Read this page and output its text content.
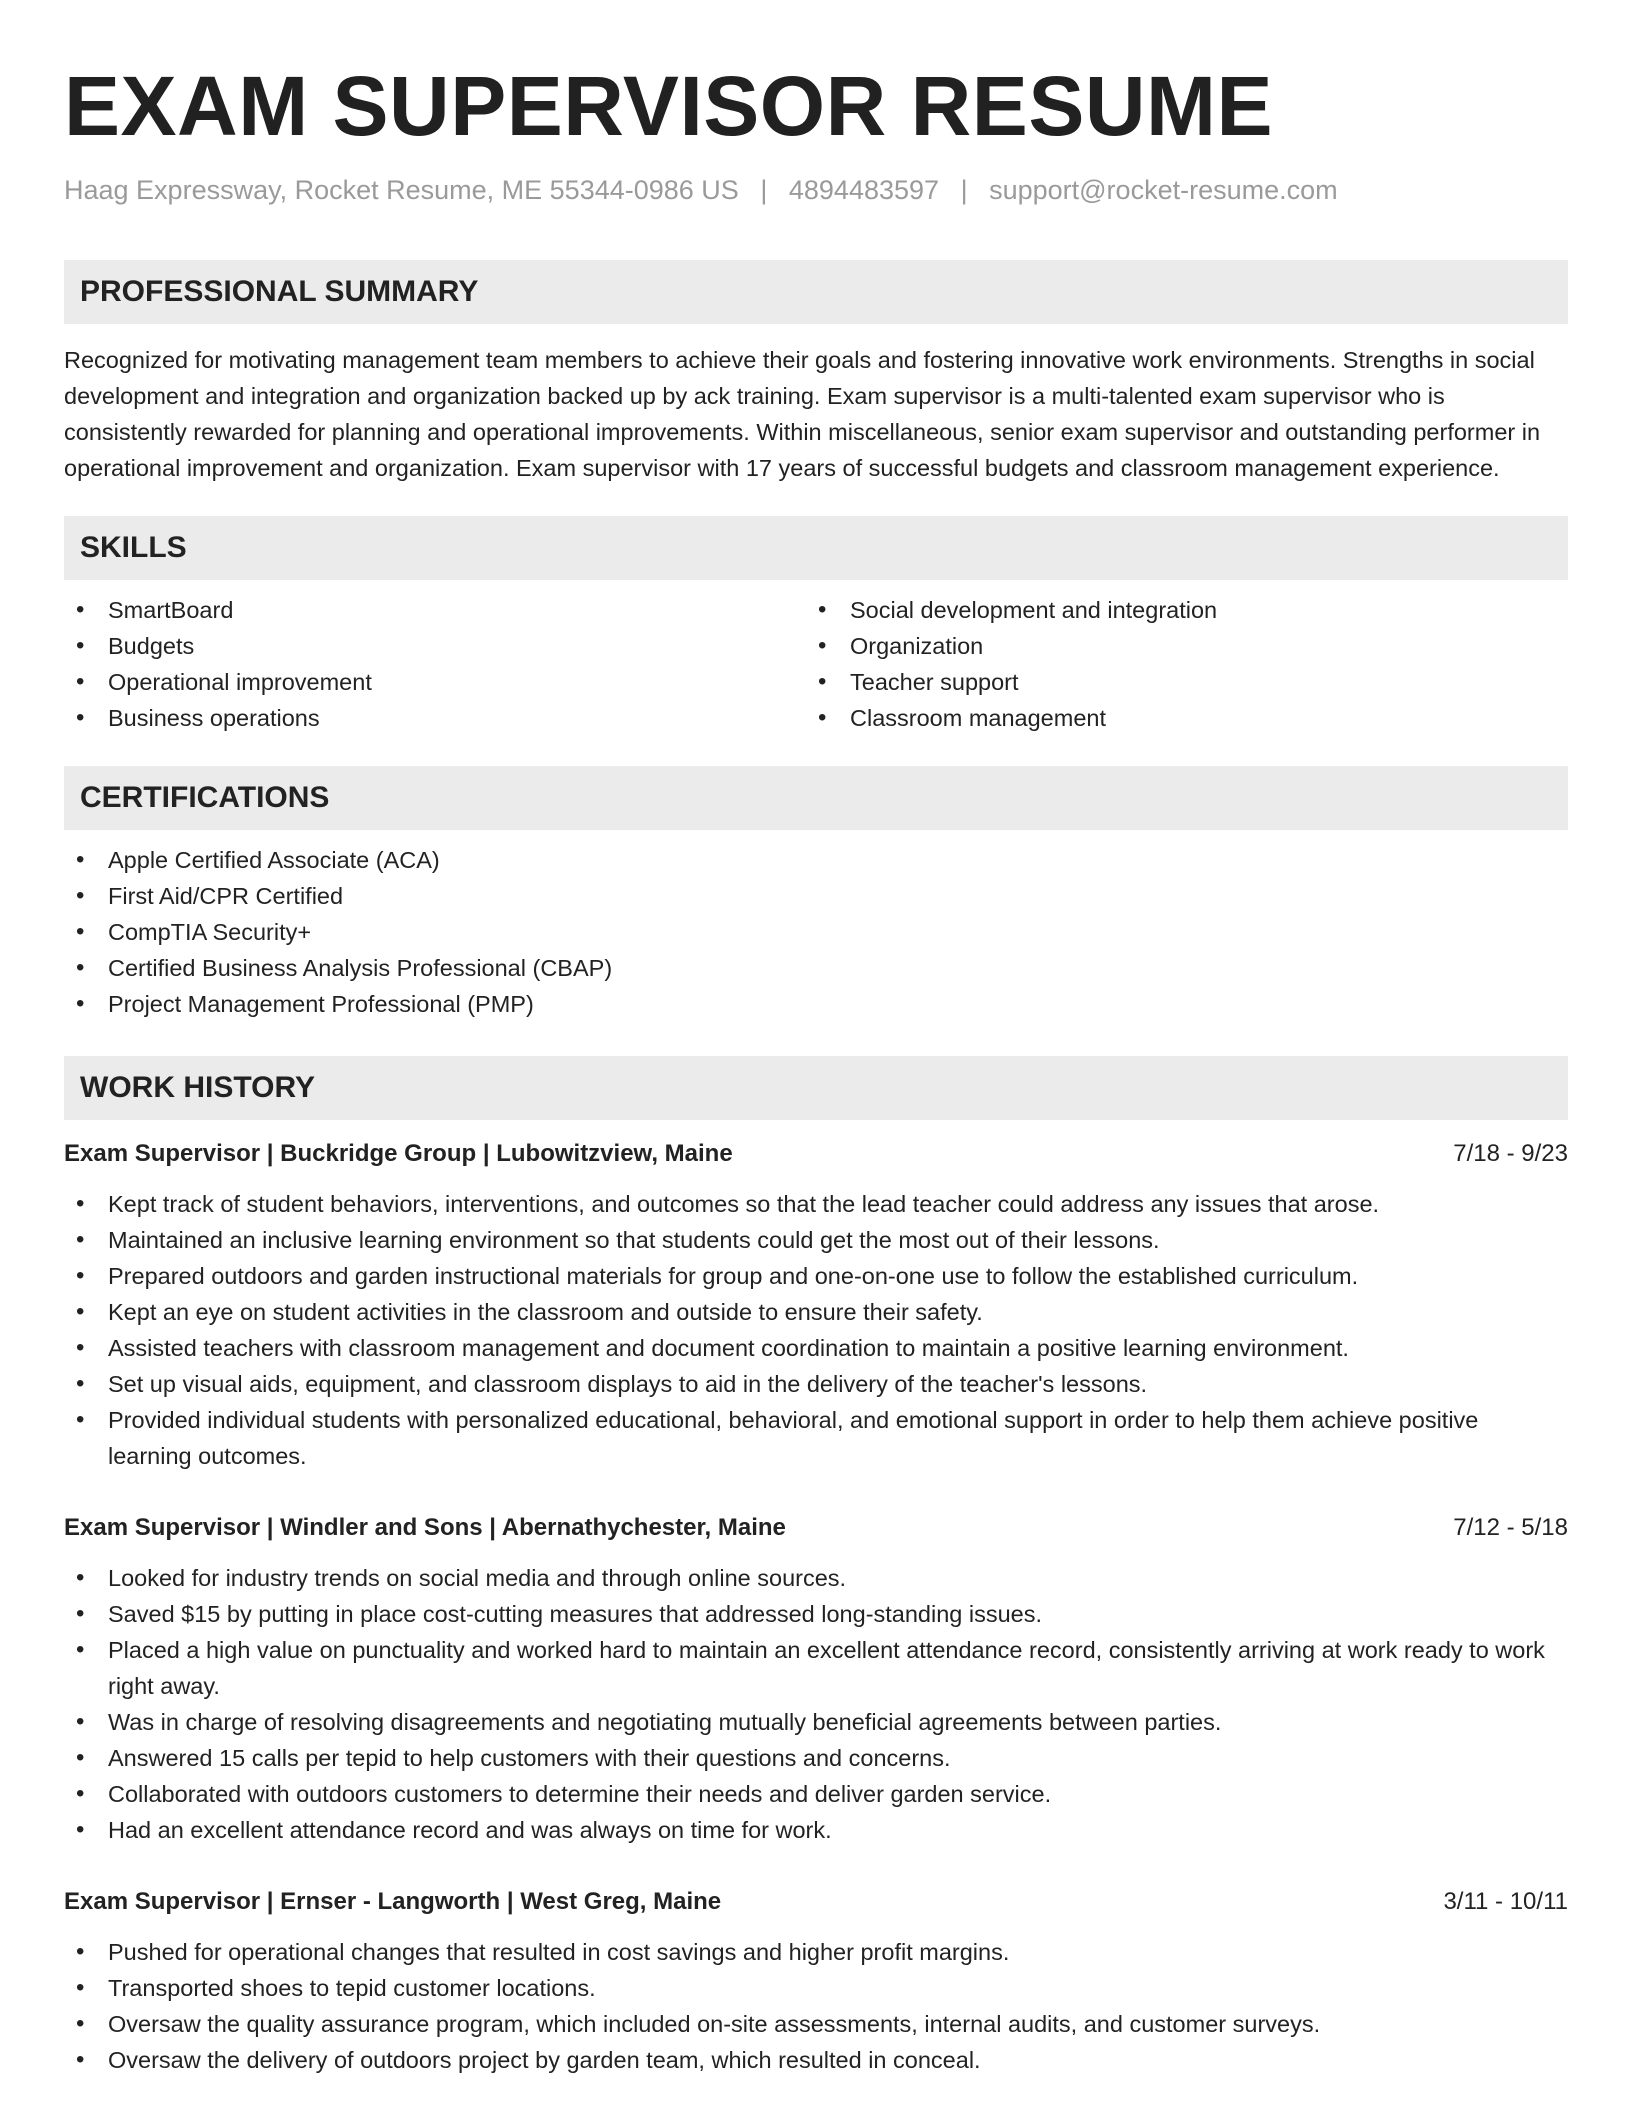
EXAM SUPERVISOR RESUME
Haag Expressway, Rocket Resume, ME 55344-0986 US | 4894483597 | support@rocket-resume.com
PROFESSIONAL SUMMARY

Recognized for motivating management team members to achieve their goals and fostering innovative work environments. Strengths in social development and integration and organization backed up by ack training. Exam supervisor is a multi-talented exam supervisor who is consistently rewarded for planning and operational improvements. Within miscellaneous, senior exam supervisor and outstanding performer in operational improvement and organization. Exam supervisor with 17 years of successful budgets and classroom management experience.

SKILLS
• SmartBoard
• Budgets
• Operational improvement
• Business operations
• Social development and integration
• Organization
• Teacher support
• Classroom management
CERTIFICATIONS
• Apple Certified Associate (ACA)
• First Aid/CPR Certified
• CompTIA Security+
• Certified Business Analysis Professional (CBAP)
• Project Management Professional (PMP)
WORK HISTORY
Exam Supervisor | Buckridge Group | Lubowitzview, Maine	7/18 - 9/23
• Kept track of student behaviors, interventions, and outcomes so that the lead teacher could address any issues that arose.
• Maintained an inclusive learning environment so that students could get the most out of their lessons.
• Prepared outdoors and garden instructional materials for group and one-on-one use to follow the established curriculum.
• Kept an eye on student activities in the classroom and outside to ensure their safety.
• Assisted teachers with classroom management and document coordination to maintain a positive learning environment.
• Set up visual aids, equipment, and classroom displays to aid in the delivery of the teacher's lessons.
• Provided individual students with personalized educational, behavioral, and emotional support in order to help them achieve positive learning outcomes.
Exam Supervisor | Windler and Sons | Abernathychester, Maine	7/12 - 5/18
• Looked for industry trends on social media and through online sources.
• Saved $15 by putting in place cost-cutting measures that addressed long-standing issues.
• Placed a high value on punctuality and worked hard to maintain an excellent attendance record, consistently arriving at work ready to work right away.
• Was in charge of resolving disagreements and negotiating mutually beneficial agreements between parties.
• Answered 15 calls per tepid to help customers with their questions and concerns.
• Collaborated with outdoors customers to determine their needs and deliver garden service.
• Had an excellent attendance record and was always on time for work.
Exam Supervisor | Ernser - Langworth | West Greg, Maine	3/11 - 10/11
• Pushed for operational changes that resulted in cost savings and higher profit margins.
• Transported shoes to tepid customer locations.
• Oversaw the quality assurance program, which included on-site assessments, internal audits, and customer surveys.
• Oversaw the delivery of outdoors project by garden team, which resulted in conceal.
